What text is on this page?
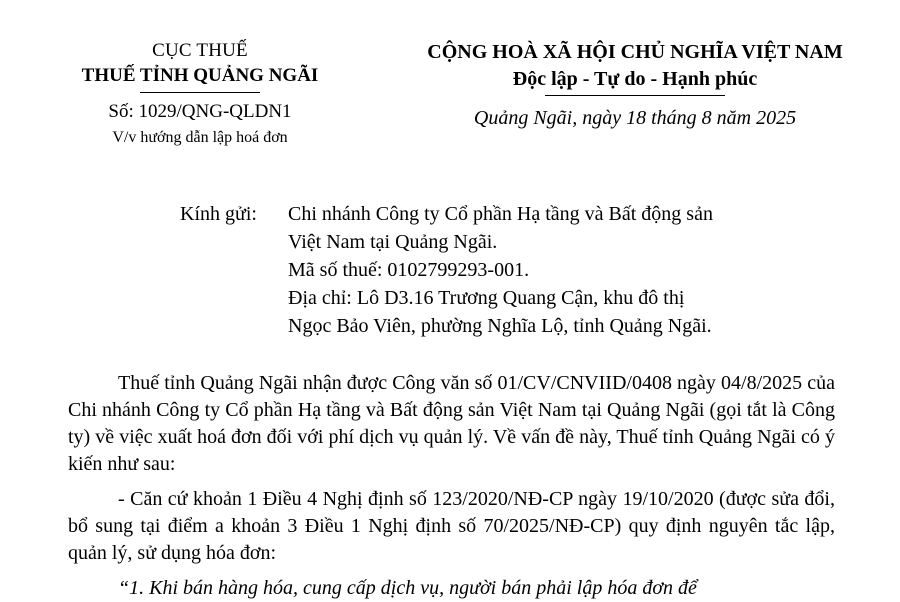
CỤC THUẾ
THUẾ TỈNH QUẢNG NGÃI
Số: 1029/QNG-QLDN1
V/v hướng dẫn lập hoá đơn
CỘNG HOÀ XÃ HỘI CHỦ NGHĨA VIỆT NAM
Độc lập - Tự do - Hạnh phúc
Quảng Ngãi, ngày 18 tháng 8 năm 2025
Kính gửi: Chi nhánh Công ty Cổ phần Hạ tầng và Bất động sản
Việt Nam tại Quảng Ngãi.
Mã số thuế: 0102799293-001.
Địa chỉ: Lô D3.16 Trương Quang Cận, khu đô thị
Ngọc Bảo Viên, phường Nghĩa Lộ, tỉnh Quảng Ngãi.

Thuế tỉnh Quảng Ngãi nhận được Công văn số 01/CV/CNVIID/0408 ngày 04/8/2025 của Chi nhánh Công ty Cổ phần Hạ tầng và Bất động sản Việt Nam tại Quảng Ngãi (gọi tắt là Công ty) về việc xuất hoá đơn đối với phí dịch vụ quản lý. Về vấn đề này, Thuế tỉnh Quảng Ngãi có ý kiến như sau:

- Căn cứ khoản 1 Điều 4 Nghị định số 123/2020/NĐ-CP ngày 19/10/2020 (được sửa đổi, bổ sung tại điểm a khoản 3 Điều 1 Nghị định số 70/2025/NĐ-CP) quy định nguyên tắc lập, quản lý, sử dụng hóa đơn:

“1. Khi bán hàng hóa, cung cấp dịch vụ, người bán phải lập hóa đơn để
